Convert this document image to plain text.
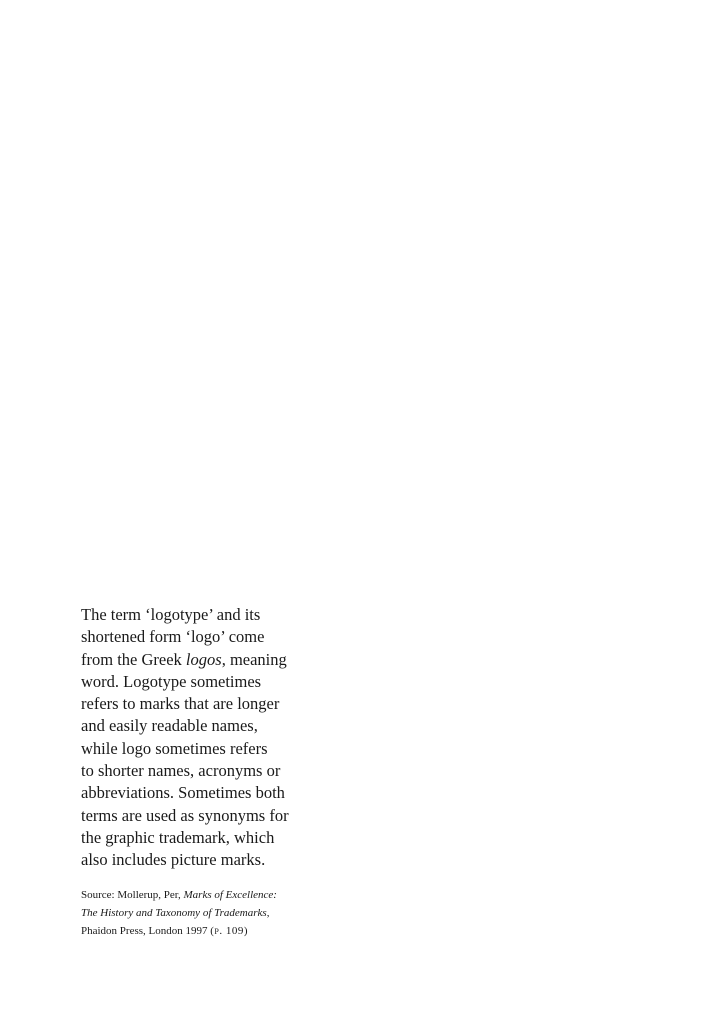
The term ‘logotype’ and its
shortened form ‘logo’ come
from the Greek logos, meaning
word. Logotype sometimes
refers to marks that are longer
and easily readable names,
while logo sometimes refers
to shorter names, acronyms or
abbreviations. Sometimes both
terms are used as synonyms for
the graphic trademark, which
also includes picture marks.
Source: Mollerup, Per, Marks of Excellence:
The History and Taxonomy of Trademarks,
Phaidon Press, London 1997 (p. 109)
